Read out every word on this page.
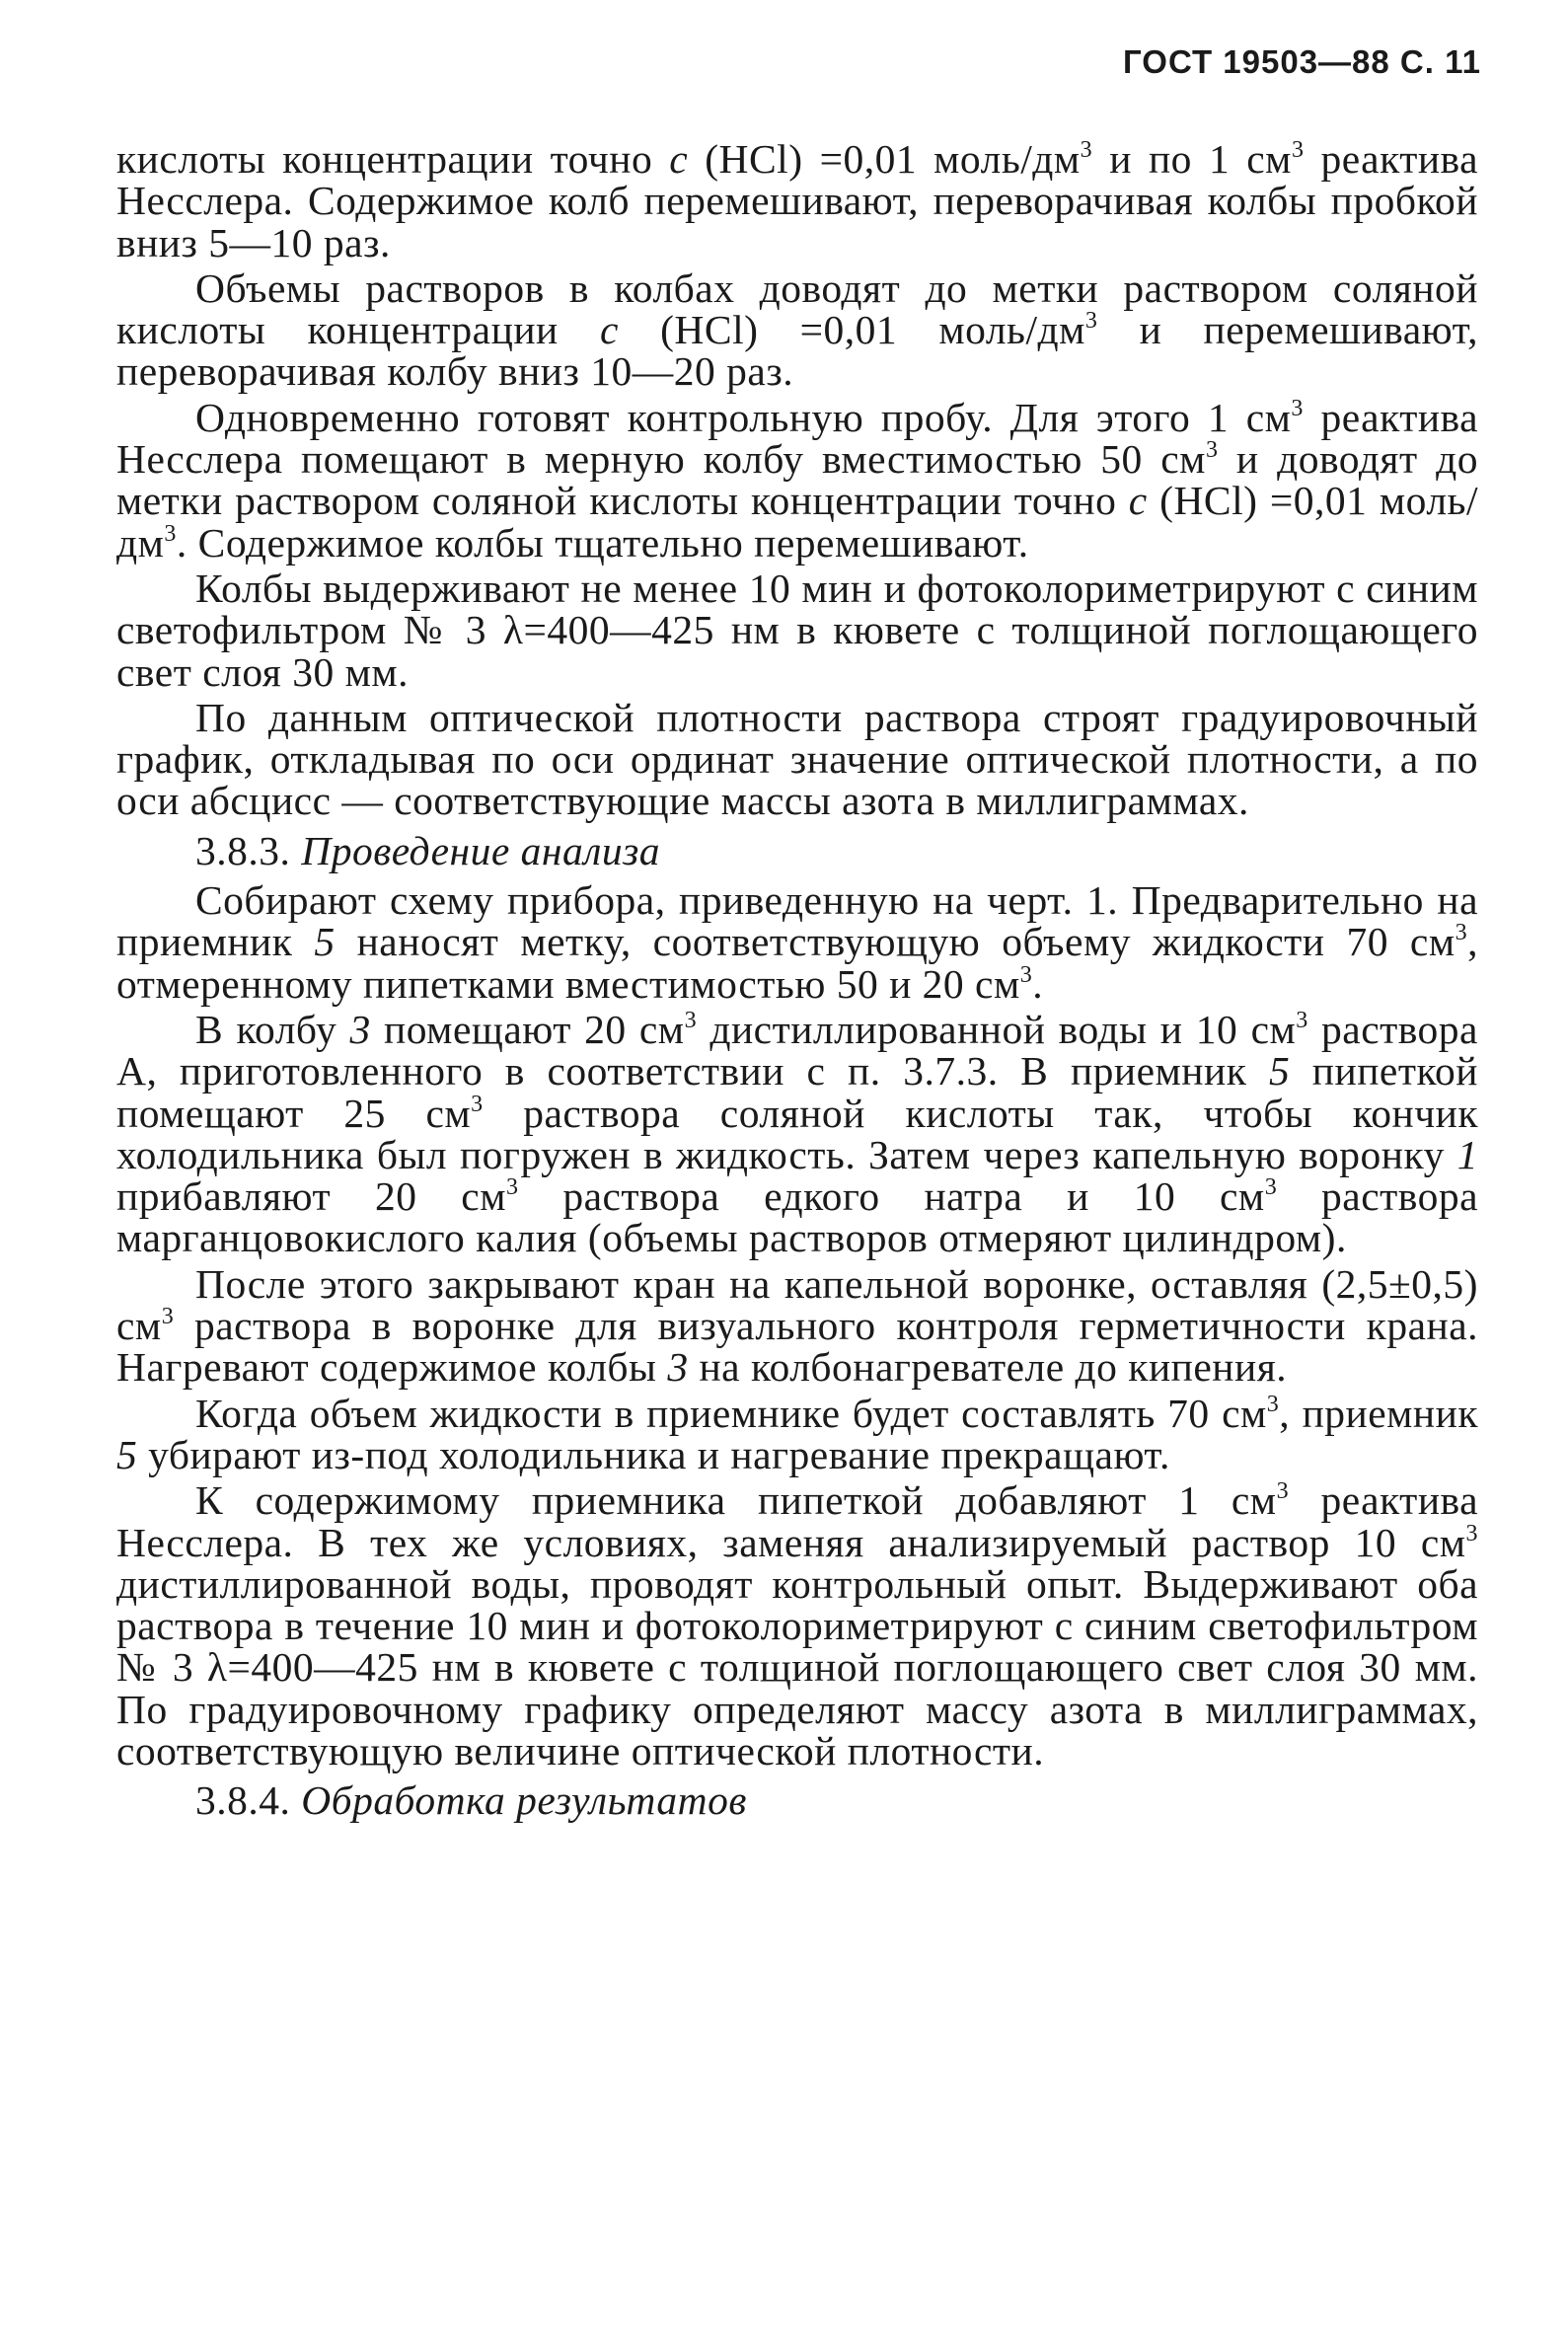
ГОСТ 19503—88 С. 11

кислоты концентрации точно c (HCl) =0,01 моль/$дм^3$ и по 1 $см^3$ реактива Несслера. Содержимое колб перемешивают, переворачивая колбы пробкой вниз 5—10 раз.

Объемы растворов в колбах доводят до метки раствором соляной кислоты концентрации c (HCl) =0,01 моль/$дм^3$ и перемешивают, переворачивая колбу вниз 10—20 раз.

Одновременно готовят контрольную пробу. Для этого 1 $см^3$ реактива Несслера помещают в мерную колбу вместимостью 50 $см^3$ и доводят до метки раствором соляной кислоты концентрации точно c (HCl) =0,01 моль/$дм^3$. Содержимое колбы тщательно перемешивают.

Колбы выдерживают не менее 10 мин и фотоколориметрируют с синим светофильтром № 3 λ=400—425 нм в кювете с толщиной поглощающего свет слоя 30 мм.

По данным оптической плотности раствора строят градуировочный график, откладывая по оси ординат значение оптической плотности, а по оси абсцисс — соответствующие массы азота в миллиграммах.

3.8.3. Проведение анализа

Собирают схему прибора, приведенную на черт. 1. Предварительно на приемник 5 наносят метку, соответствующую объему жидкости 70 $см^3$, отмеренному пипетками вместимостью 50 и 20 $см^3$.

В колбу 3 помещают 20 $см^3$ дистиллированной воды и 10 $см^3$ раствора А, приготовленного в соответствии с п. 3.7.3. В приемник 5 пипеткой помещают 25 $см^3$ раствора соляной кислоты так, чтобы кончик холодильника был погружен в жидкость. Затем через капельную воронку 1 прибавляют 20 $см^3$ раствора едкого натра и 10 $см^3$ раствора марганцовокислого калия (объемы растворов отмеряют цилиндром).

После этого закрывают кран на капельной воронке, оставляя (2,5±0,5) $см^3$ раствора в воронке для визуального контроля герметичности крана. Нагревают содержимое колбы 3 на колбонагревателе до кипения.

Когда объем жидкости в приемнике будет составлять 70 $см^3$, приемник 5 убирают из-под холодильника и нагревание прекращают.

К содержимому приемника пипеткой добавляют 1 $см^3$ реактива Несслера. В тех же условиях, заменяя анализируемый раствор 10 $см^3$ дистиллированной воды, проводят контрольный опыт. Выдерживают оба раствора в течение 10 мин и фотоколориметрируют с синим светофильтром № 3 λ=400—425 нм в кювете с толщиной поглощающего свет слоя 30 мм. По градуировочному графику определяют массу азота в миллиграммах, соответствующую величине оптической плотности.

3.8.4. Обработка результатов
